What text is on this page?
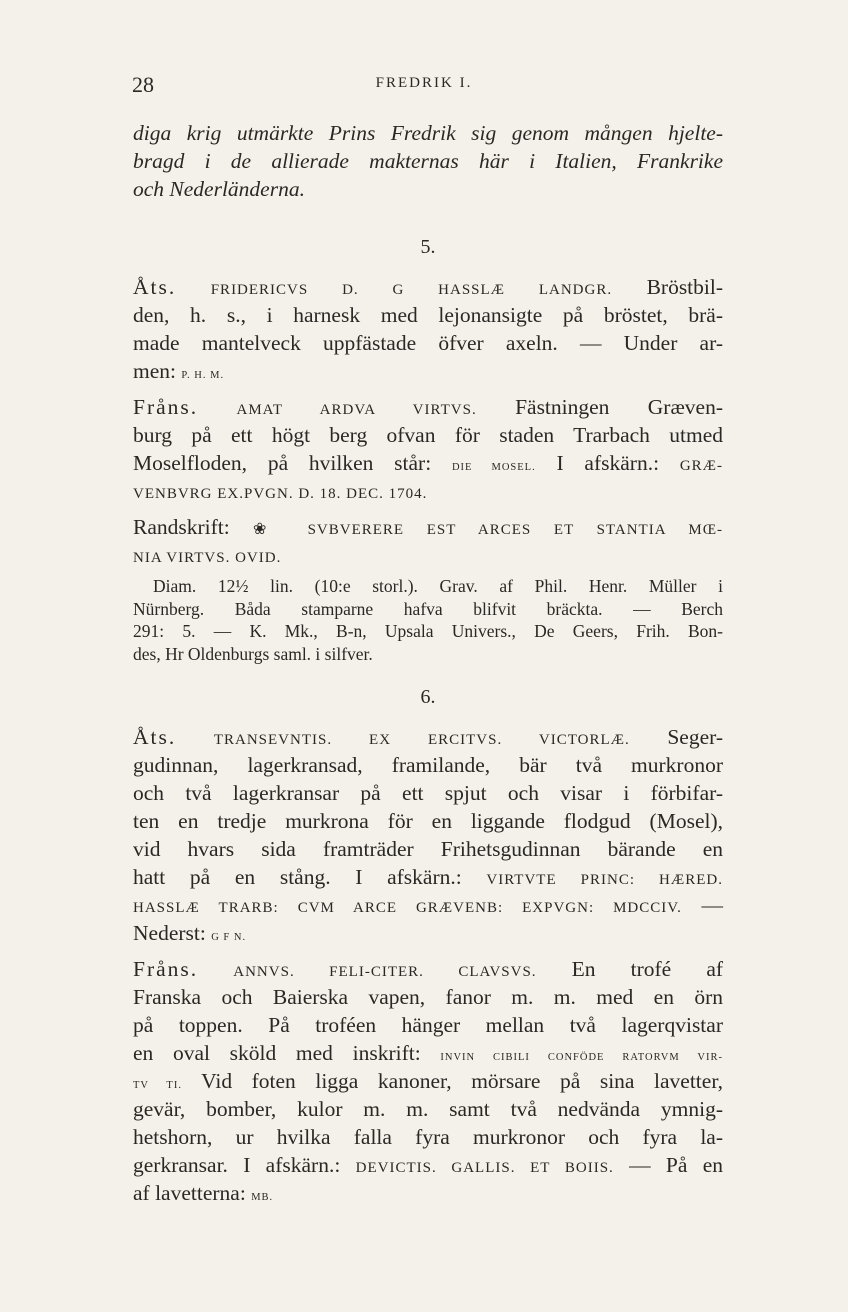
28	FREDRIK I.
diga krig utmärkte Prins Fredrik sig genom mången hjelte-
bragd i de allierade makternas här i Italien, Frankrike
och Nederländerna.
5.
Åts. FRIDERICVS D. G HASSLÆ LANDGR. Bröstbil-
den, h. s., i harnesk med lejonansigte på bröstet, brä-
made mantelveck uppfästade öfver axeln. — Under ar-
men: P. H. M.
Fråns.	AMAT ARDVA VIRTVS. Fästningen Græven-
burg på ett högt berg ofvan för staden Trarbach utmed
Moselfloden, på hvilken står: DIE MOSEL. I afskärn.: GRÆ-
VENBVRG EX.PVGN. D. 18. DEC. 1704.
Randskrift: ❀ SVBVERERE EST ARCES ET STANTIA MŒ-
NIA VIRTVS. OVID.
Diam. 12½ lin. (10:e storl.). Grav. af Phil. Henr. Müller i
Nürnberg. Båda stamparne hafva blifvit bräckta. — Berch
291: 5. — K. Mk., B-n, Upsala Univers., De Geers, Frih. Bon-
des, Hr Oldenburgs saml. i silfver.
6.
Åts.	TRANSEVNTIS. EX ERCITVS. VICTORLÆ. Seger-
gudinnan, lagerkransad, framilande, bär två murkronor
och två lagerkransar på ett spjut och visar i förbifar-
ten en tredje murkrona för en liggande flodgud (Mosel),
vid hvars sida framträder Frihetsgudinnan bärande en
hatt på en stång. I afskärn.: VIRTVTE PRINC: HÆRED.
HASSLÆ TRARB: CVM ARCE GRÆVENB: EXPVGN: MDCCIV. —
Nederst: G F N.
Fråns. ANNVS. FELI-CITER. CLAVSVS. En trofé af
Franska och Baierska vapen, fanor m. m. med en örn
på toppen. På troféen hänger mellan två lagerqvistar
en oval sköld med inskrift: INVIN CIBILI CONFÖDE RATORVM VIR-
TV TI. Vid foten ligga kanoner, mörsare på sina lavetter,
gevär, bomber, kulor m. m. samt två nedvända ymnig-
hetshorn, ur hvilka falla fyra murkronor och fyra la-
gerkransar. I afskärn.: DEVICTIS. GALLIS. ET BOIIS. — På en
af lavetterna: MB.
